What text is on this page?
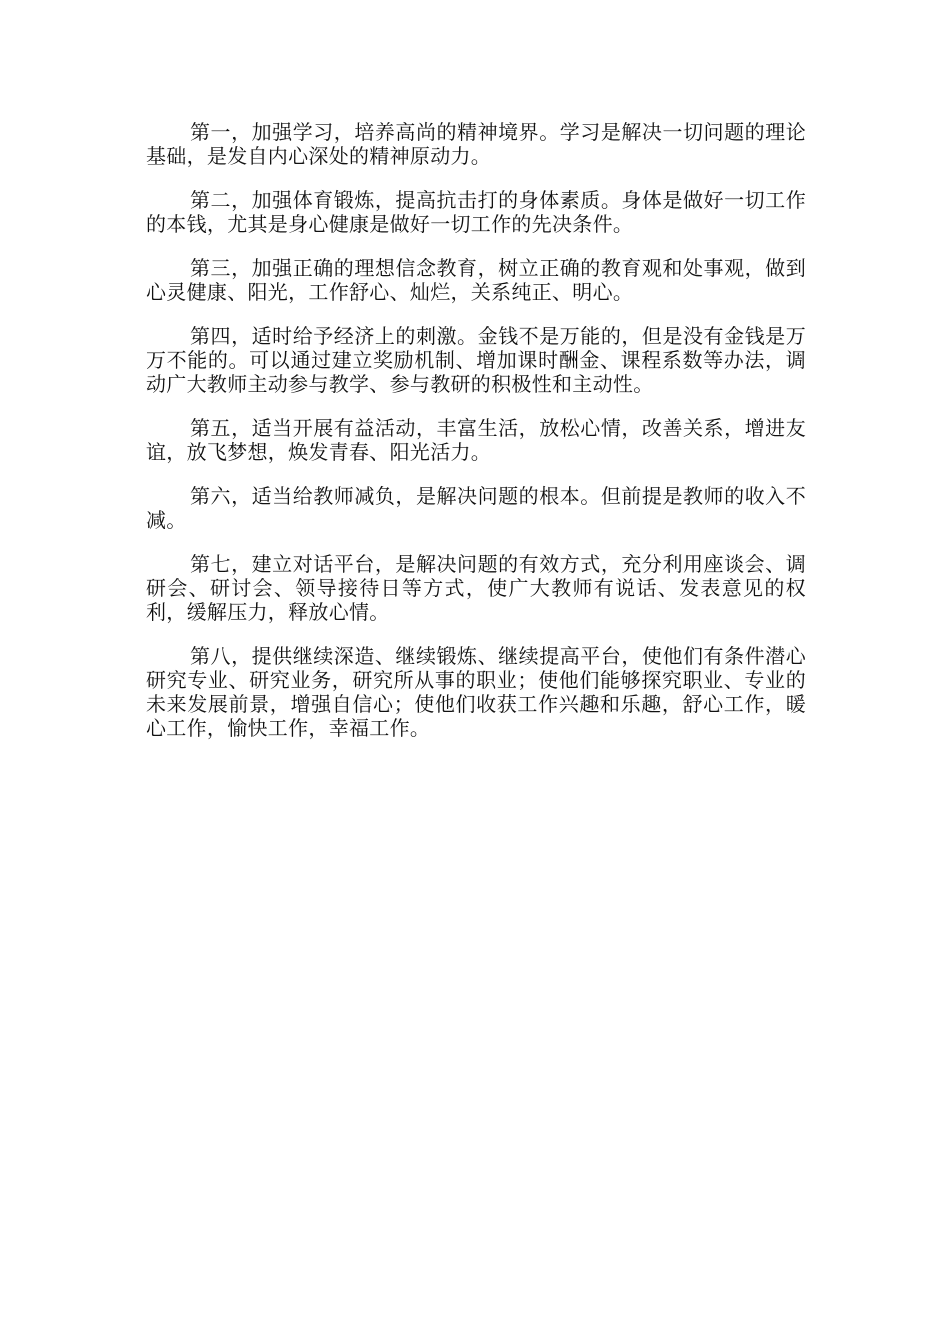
第一，加强学习，培养高尚的精神境界。学习是解决一切问题的理论基础，是发自内心深处的精神原动力。

第二，加强体育锻炼，提高抗击打的身体素质。身体是做好一切工作的本钱，尤其是身心健康是做好一切工作的先决条件。

第三，加强正确的理想信念教育，树立正确的教育观和处事观，做到心灵健康、阳光，工作舒心、灿烂，关系纯正、明心。

第四，适时给予经济上的刺激。金钱不是万能的，但是没有金钱是万万不能的。可以通过建立奖励机制、增加课时酬金、课程系数等办法，调动广大教师主动参与教学、参与教研的积极性和主动性。

第五，适当开展有益活动，丰富生活，放松心情，改善关系，增进友谊，放飞梦想，焕发青春、阳光活力。

第六，适当给教师减负，是解决问题的根本。但前提是教师的收入不减。

第七，建立对话平台，是解决问题的有效方式，充分利用座谈会、调研会、研讨会、领导接待日等方式，使广大教师有说话、发表意见的权利，缓解压力，释放心情。

第八，提供继续深造、继续锻炼、继续提高平台，使他们有条件潜心研究专业、研究业务，研究所从事的职业；使他们能够探究职业、专业的未来发展前景，增强自信心；使他们收获工作兴趣和乐趣，舒心工作，暖心工作，愉快工作，幸福工作。
